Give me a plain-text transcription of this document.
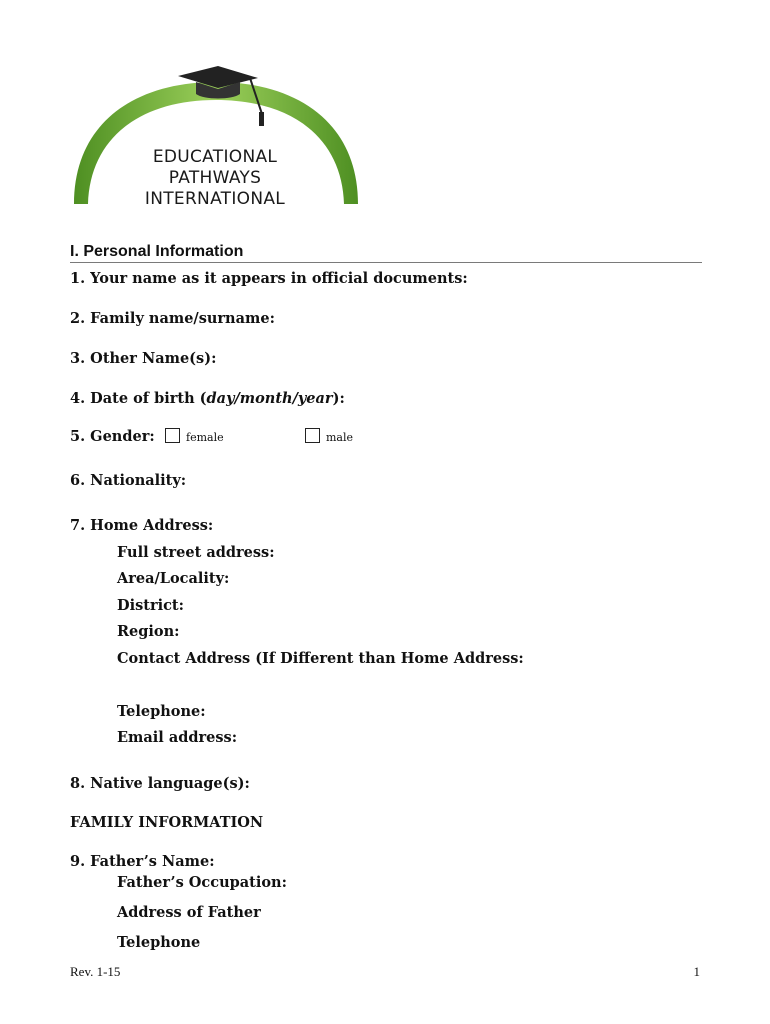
EDUCATIONAL
PATHWAYS
INTERNATIONAL
I. Personal Information
1. Your name as it appears in official documents:
2. Family name/surname:
3. Other Name(s):
4. Date of birth (day/month/year):
5. Gender:	female	male
6. Nationality:
7. Home Address:
Full street address:
Area/Locality:
District:
Region:
Contact Address (If Different than Home Address:
Telephone:
Email address:
8. Native language(s):
FAMILY INFORMATION
9. Father’s Name:
Father’s Occupation:
Address of Father
Telephone
Rev. 1-15	1
